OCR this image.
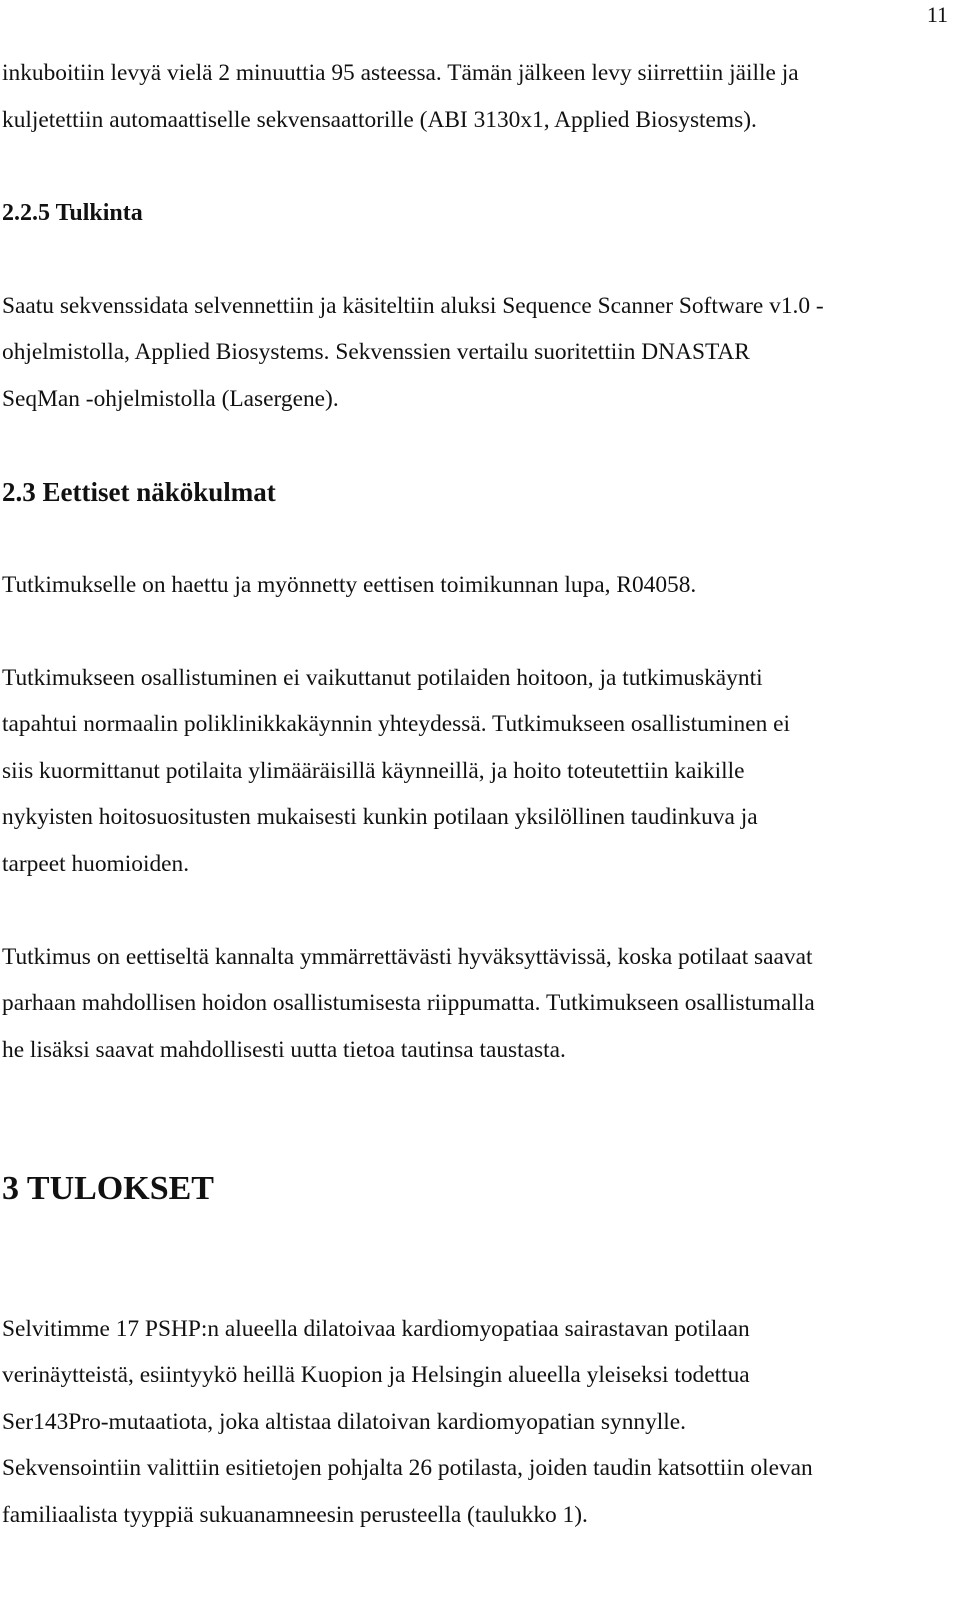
11
inkuboitiin levyä vielä 2 minuuttia 95 asteessa. Tämän jälkeen levy siirrettiin jäille ja
kuljetettiin automaattiselle sekvensaattorille (ABI 3130x1, Applied Biosystems).
2.2.5 Tulkinta
Saatu sekvenssidata selvennettiin ja käsiteltiin aluksi Sequence Scanner Software v1.0 -
ohjelmistolla, Applied Biosystems. Sekvenssien vertailu suoritettiin DNASTAR
SeqMan -ohjelmistolla (Lasergene).
2.3 Eettiset näkökulmat
Tutkimukselle on haettu ja myönnetty eettisen toimikunnan lupa, R04058.
Tutkimukseen osallistuminen ei vaikuttanut potilaiden hoitoon, ja tutkimuskäynti
tapahtui normaalin poliklinikkakäynnin yhteydessä. Tutkimukseen osallistuminen ei
siis kuormittanut potilaita ylimääräisillä käynneillä, ja hoito toteutettiin kaikille
nykyisten hoitosuositusten mukaisesti kunkin potilaan yksilöllinen taudinkuva ja
tarpeet huomioiden.
Tutkimus on eettiseltä kannalta ymmärrettävästi hyväksyttävissä, koska potilaat saavat
parhaan mahdollisen hoidon osallistumisesta riippumatta. Tutkimukseen osallistumalla
he lisäksi saavat mahdollisesti uutta tietoa tautinsa taustasta.
3 TULOKSET
Selvitimme 17 PSHP:n alueella dilatoivaa kardiomyopatiaa sairastavan potilaan
verinäytteistä, esiintyykö heillä Kuopion ja Helsingin alueella yleiseksi todettua
Ser143Pro-mutaatiota, joka altistaa dilatoivan kardiomyopatian synnylle.
Sekvensointiin valittiin esitietojen pohjalta 26 potilasta, joiden taudin katsottiin olevan
familiaalista tyyppiä sukuanamneesin perusteella (taulukko 1).
